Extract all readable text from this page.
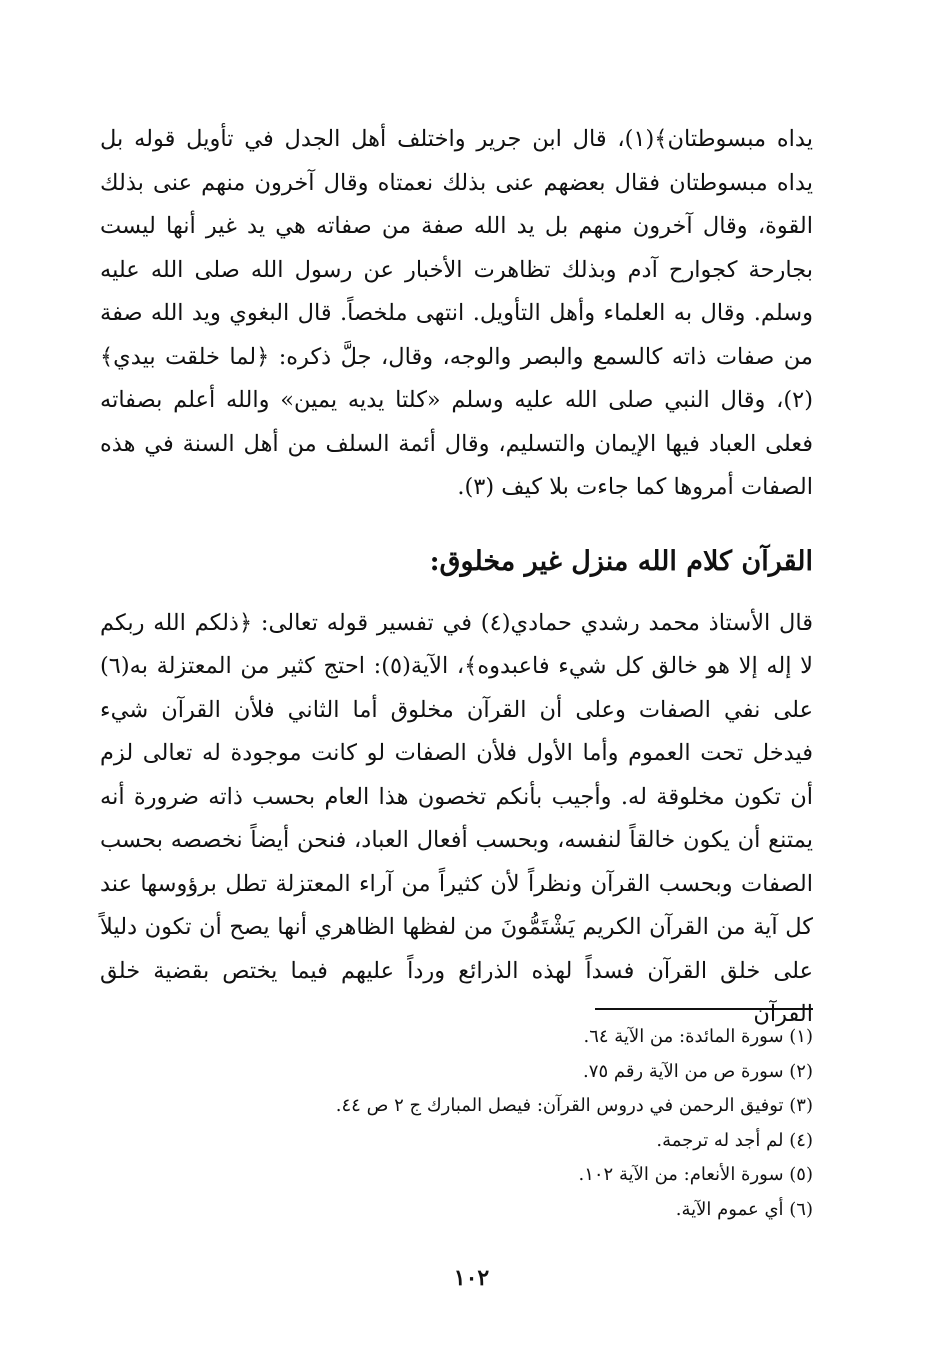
يداه مبسوطتان﴾(١)، قال ابن جرير واختلف أهل الجدل في تأويل قوله بل يداه مبسوطتان فقال بعضهم عنى بذلك نعمتاه وقال آخرون منهم عنى بذلك القوة، وقال آخرون منهم بل يد الله صفة من صفاته هي يد غير أنها ليست بجارحة كجوارح آدم وبذلك تظاهرت الأخبار عن رسول الله صلى الله عليه وسلم. وقال به العلماء وأهل التأويل. انتهى ملخصاً. قال البغوي ويد الله صفة من صفات ذاته كالسمع والبصر والوجه، وقال، جلَّ ذكره: ﴿لما خلقت بيدي﴾(٢)، وقال النبي صلى الله عليه وسلم «كلتا يديه يمين» والله أعلم بصفاته فعلى العباد فيها الإيمان والتسليم، وقال أئمة السلف من أهل السنة في هذه الصفات أمروها كما جاءت بلا كيف (٣).

القرآن كلام الله منزل غير مخلوق:

قال الأستاذ محمد رشدي حمادي(٤) في تفسير قوله تعالى: ﴿ذلكم الله ربكم لا إله إلا هو خالق كل شيء فاعبدوه﴾، الآية(٥): احتج كثير من المعتزلة به(٦) على نفي الصفات وعلى أن القرآن مخلوق أما الثاني فلأن القرآن شيء فيدخل تحت العموم وأما الأول فلأن الصفات لو كانت موجودة له تعالى لزم أن تكون مخلوقة له. وأجيب بأنكم تخصون هذا العام بحسب ذاته ضرورة أنه يمتنع أن يكون خالقاً لنفسه، وبحسب أفعال العباد، فنحن أيضاً نخصصه بحسب الصفات وبحسب القرآن ونظراً لأن كثيراً من آراء المعتزلة تطل برؤوسها عند كل آية من القرآن الكريم يَشْتَمُّونَ من لفظها الظاهري أنها يصح أن تكون دليلاً على خلق القرآن فسداً لهذه الذرائع ورداً عليهم فيما يختص بقضية خلق القرآن

(١) سورة المائدة: من الآية ٦٤.
(٢) سورة ص من الآية رقم ٧٥.
(٣) توفيق الرحمن في دروس القرآن: فيصل المبارك ج ٢ ص ٤٤.
(٤) لم أجد له ترجمة.
(٥) سورة الأنعام: من الآية ١٠٢.
(٦) أي عموم الآية.
١٠٢
